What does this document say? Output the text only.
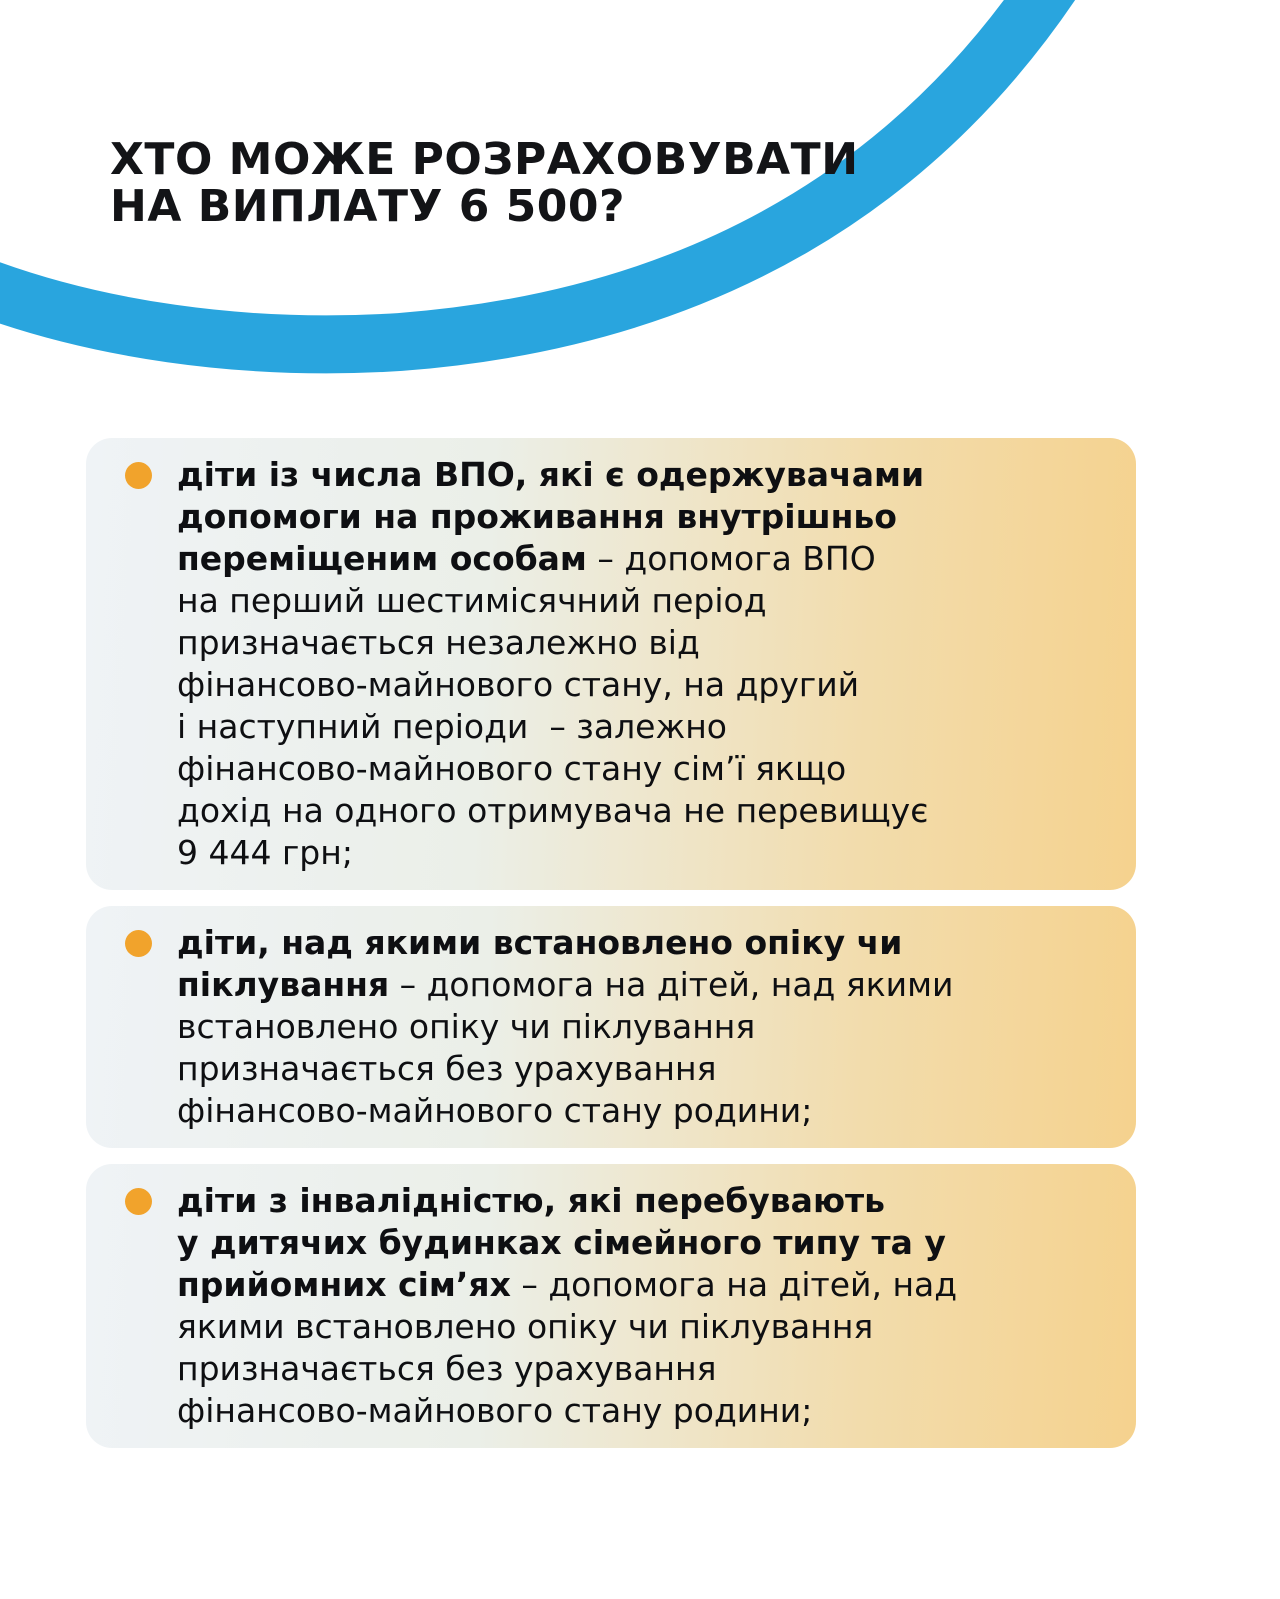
ХТО МОЖЕ РОЗРАХОВУВАТИ
НА ВИПЛАТУ 6 500?
діти із числа ВПО, які є одержувачами
допомоги на проживання внутрішньо
переміщеним особам – допомога ВПО
на перший шестимісячний період
призначається незалежно від
фінансово-майнового стану, на другий
і наступний періоди  – залежно
фінансово-майнового стану сім’ї якщо
дохід на одного отримувача не перевищує
9 444 грн;
діти, над якими встановлено опіку чи
піклування – допомога на дітей, над якими
встановлено опіку чи піклування
призначається без урахування
фінансово-майнового стану родини;
діти з інвалідністю, які перебувають
у дитячих будинках сімейного типу та у
прийомних сім’ях – допомога на дітей, над
якими встановлено опіку чи піклування
призначається без урахування
фінансово-майнового стану родини;
